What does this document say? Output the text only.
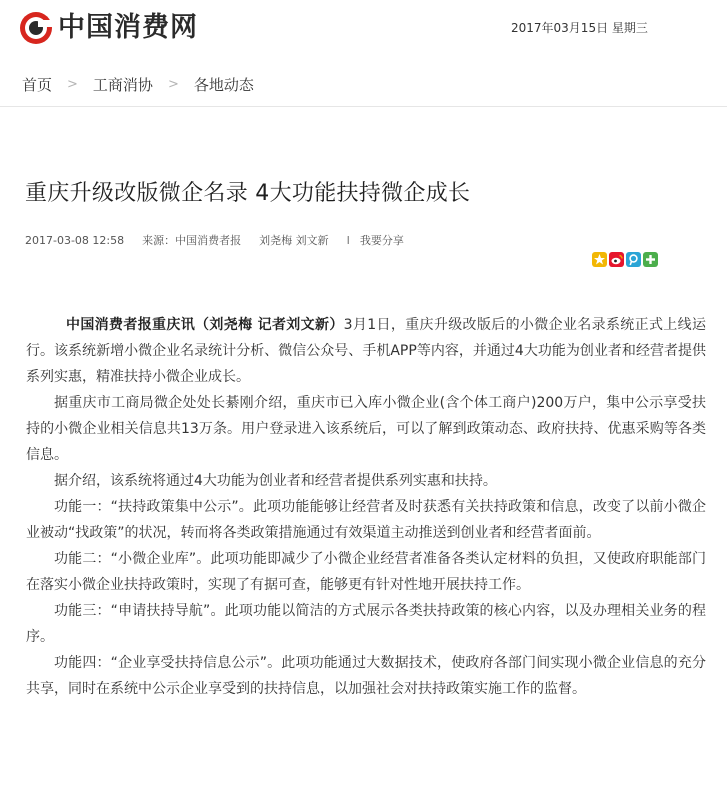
中国消费网	2017年03月15日 星期三
首页 > 工商消协 > 各地动态
重庆升级改版微企名录 4大功能扶持微企成长
2017-03-08 12:58 来源：中国消费者报 刘尧梅 刘文新 I 我要分享

中国消费者报重庆讯（刘尧梅 记者刘文新）3月1日，重庆升级改版后的小微企业名录系统正式上线运行。该系统新增小微企业名录统计分析、微信公众号、手机APP等内容，并通过4大功能为创业者和经营者提供系列实惠，精准扶持小微企业成长。

据重庆市工商局微企处处长綦刚介绍，重庆市已入库小微企业(含个体工商户)200万户，集中公示享受扶持的小微企业相关信息共13万条。用户登录进入该系统后，可以了解到政策动态、政府扶持、优惠采购等各类信息。

据介绍，该系统将通过4大功能为创业者和经营者提供系列实惠和扶持。

功能一：“扶持政策集中公示”。此项功能能够让经营者及时获悉有关扶持政策和信息，改变了以前小微企业被动“找政策”的状况，转而将各类政策措施通过有效渠道主动推送到创业者和经营者面前。

功能二：“小微企业库”。此项功能即减少了小微企业经营者准备各类认定材料的负担，又使政府职能部门在落实小微企业扶持政策时，实现了有据可查，能够更有针对性地开展扶持工作。

功能三：“申请扶持导航”。此项功能以简洁的方式展示各类扶持政策的核心内容，以及办理相关业务的程序。

功能四：“企业享受扶持信息公示”。此项功能通过大数据技术，使政府各部门间实现小微企业信息的充分共享，同时在系统中公示企业享受到的扶持信息，以加强社会对扶持政策实施工作的监督。
